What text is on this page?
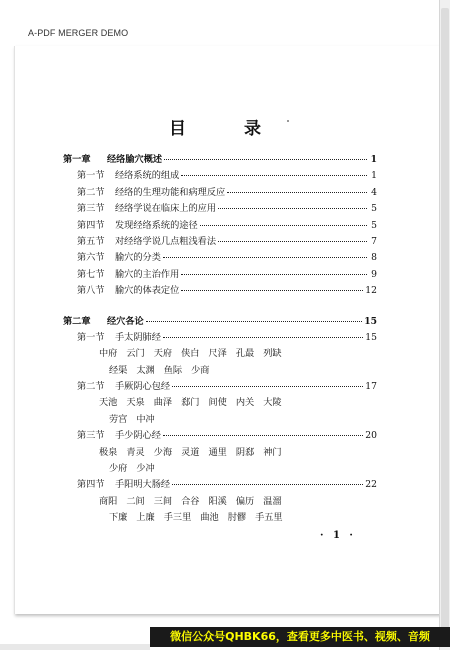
A-PDF MERGER DEMO
目 录
第一章	经络腧穴概述	1
第一节	经络系统的组成	1
第二节	经络的生理功能和病理反应	4
第三节	经络学说在临床上的应用	5
第四节	发现经络系统的途径	5
第五节	对经络学说几点粗浅看法	7
第六节	腧穴的分类	8
第七节	腧穴的主治作用	9
第八节	腧穴的体表定位	12
第二章	经穴各论	15
第一节	手太阴肺经	15
中府 云门 天府 侠白 尺泽 孔最 列缺
经渠 太渊 鱼际 少商
第二节	手厥阴心包经	17
天池 天泉 曲泽 郄门 间使 内关 大陵
劳宫 中冲
第三节	手少阴心经	20
极泉 青灵 少海 灵道 通里 阴郄 神门
少府 少冲
第四节	手阳明大肠经	22
商阳 二间 三间 合谷 阳溪 偏历 温溜
下廉 上廉 手三里 曲池 肘髎 手五里
· 1 ·
微信公众号QHBK66，查看更多中医书、视频、音频
